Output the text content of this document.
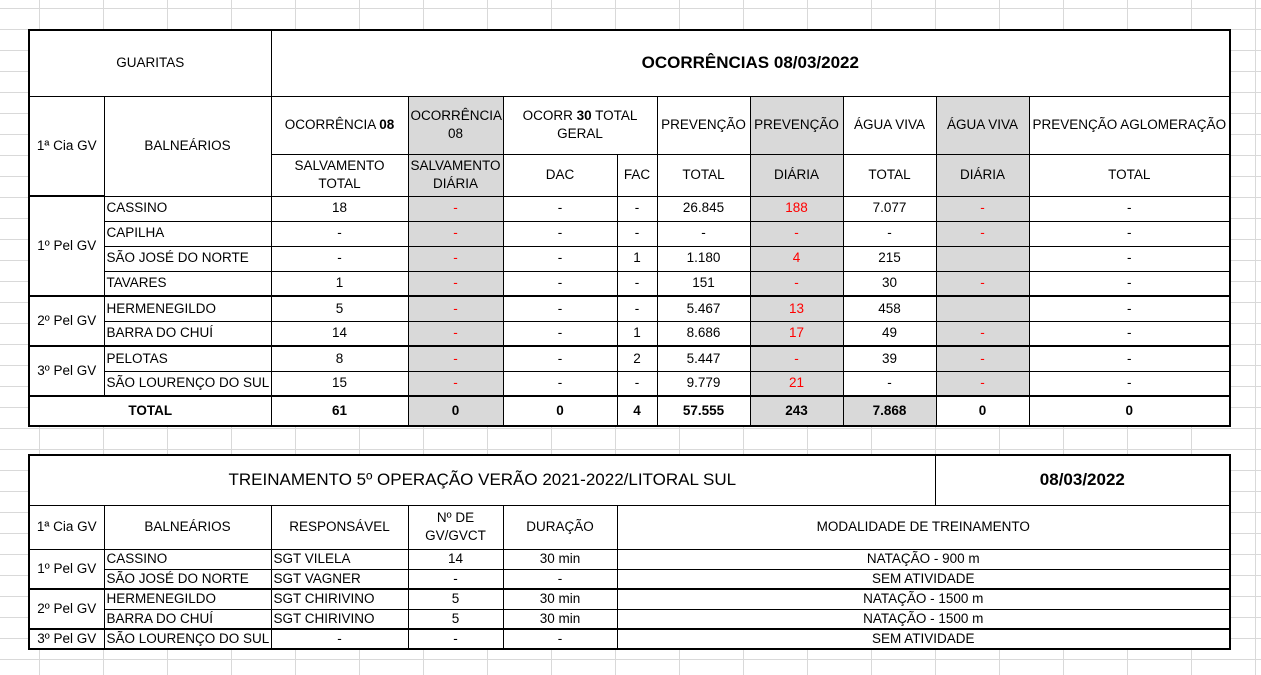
GUARITAS		OCORRÊNCIAS 08/03/2022								
1ª Cia GV	BALNEÁRIOS	OCORRÊNCIA 08	OCORRÊNCIA 08	OCORR 30 TOTAL GERAL		PREVENÇÃO	PREVENÇÃO	ÁGUA VIVA	ÁGUA VIVA	PREVENÇÃO AGLOMERAÇÃO
		SALVAMENTO TOTAL	SALVAMENTO DIÁRIA	DAC	FAC	TOTAL	DIÁRIA	TOTAL	DIÁRIA	TOTAL
1º Pel GV	CASSINO	18	-	-	-	26.845	188	7.077	-	-
	CAPILHA	-	-	-	-	-	-	-	-	-
	SÃO JOSÉ DO NORTE	-	-	-	1	1.180	4	215		-
	TAVARES	1	-	-	-	151	-	30	-	-
2º Pel GV	HERMENEGILDO	5	-	-	-	5.467	13	458		-
	BARRA DO CHUÍ	14	-	-	1	8.686	17	49	-	-
3º Pel GV	PELOTAS	8	-	-	2	5.447	-	39	-	-
	SÃO LOURENÇO DO SUL	15	-	-	-	9.779	21	-	-	-
TOTAL		61	0	0	4	57.555	243	7.868	0	0
TREINAMENTO 5º OPERAÇÃO VERÃO 2021-2022/LITORAL SUL						08/03/2022
1ª Cia GV	BALNEÁRIOS	RESPONSÁVEL	Nº DE GV/GVCT	DURAÇÃO	MODALIDADE DE TREINAMENTO	
1º Pel GV	CASSINO	SGT VILELA	14	30 min	NATAÇÃO - 900 m	
	SÃO JOSÉ DO NORTE	SGT VAGNER	-	-	SEM ATIVIDADE	
2º Pel GV	HERMENEGILDO	SGT CHIRIVINO	5	30 min	NATAÇÃO - 1500 m	
	BARRA DO CHUÍ	SGT CHIRIVINO	5	30 min	NATAÇÃO - 1500 m	
3º Pel GV	SÃO LOURENÇO DO SUL	-	-	-	SEM ATIVIDADE	
